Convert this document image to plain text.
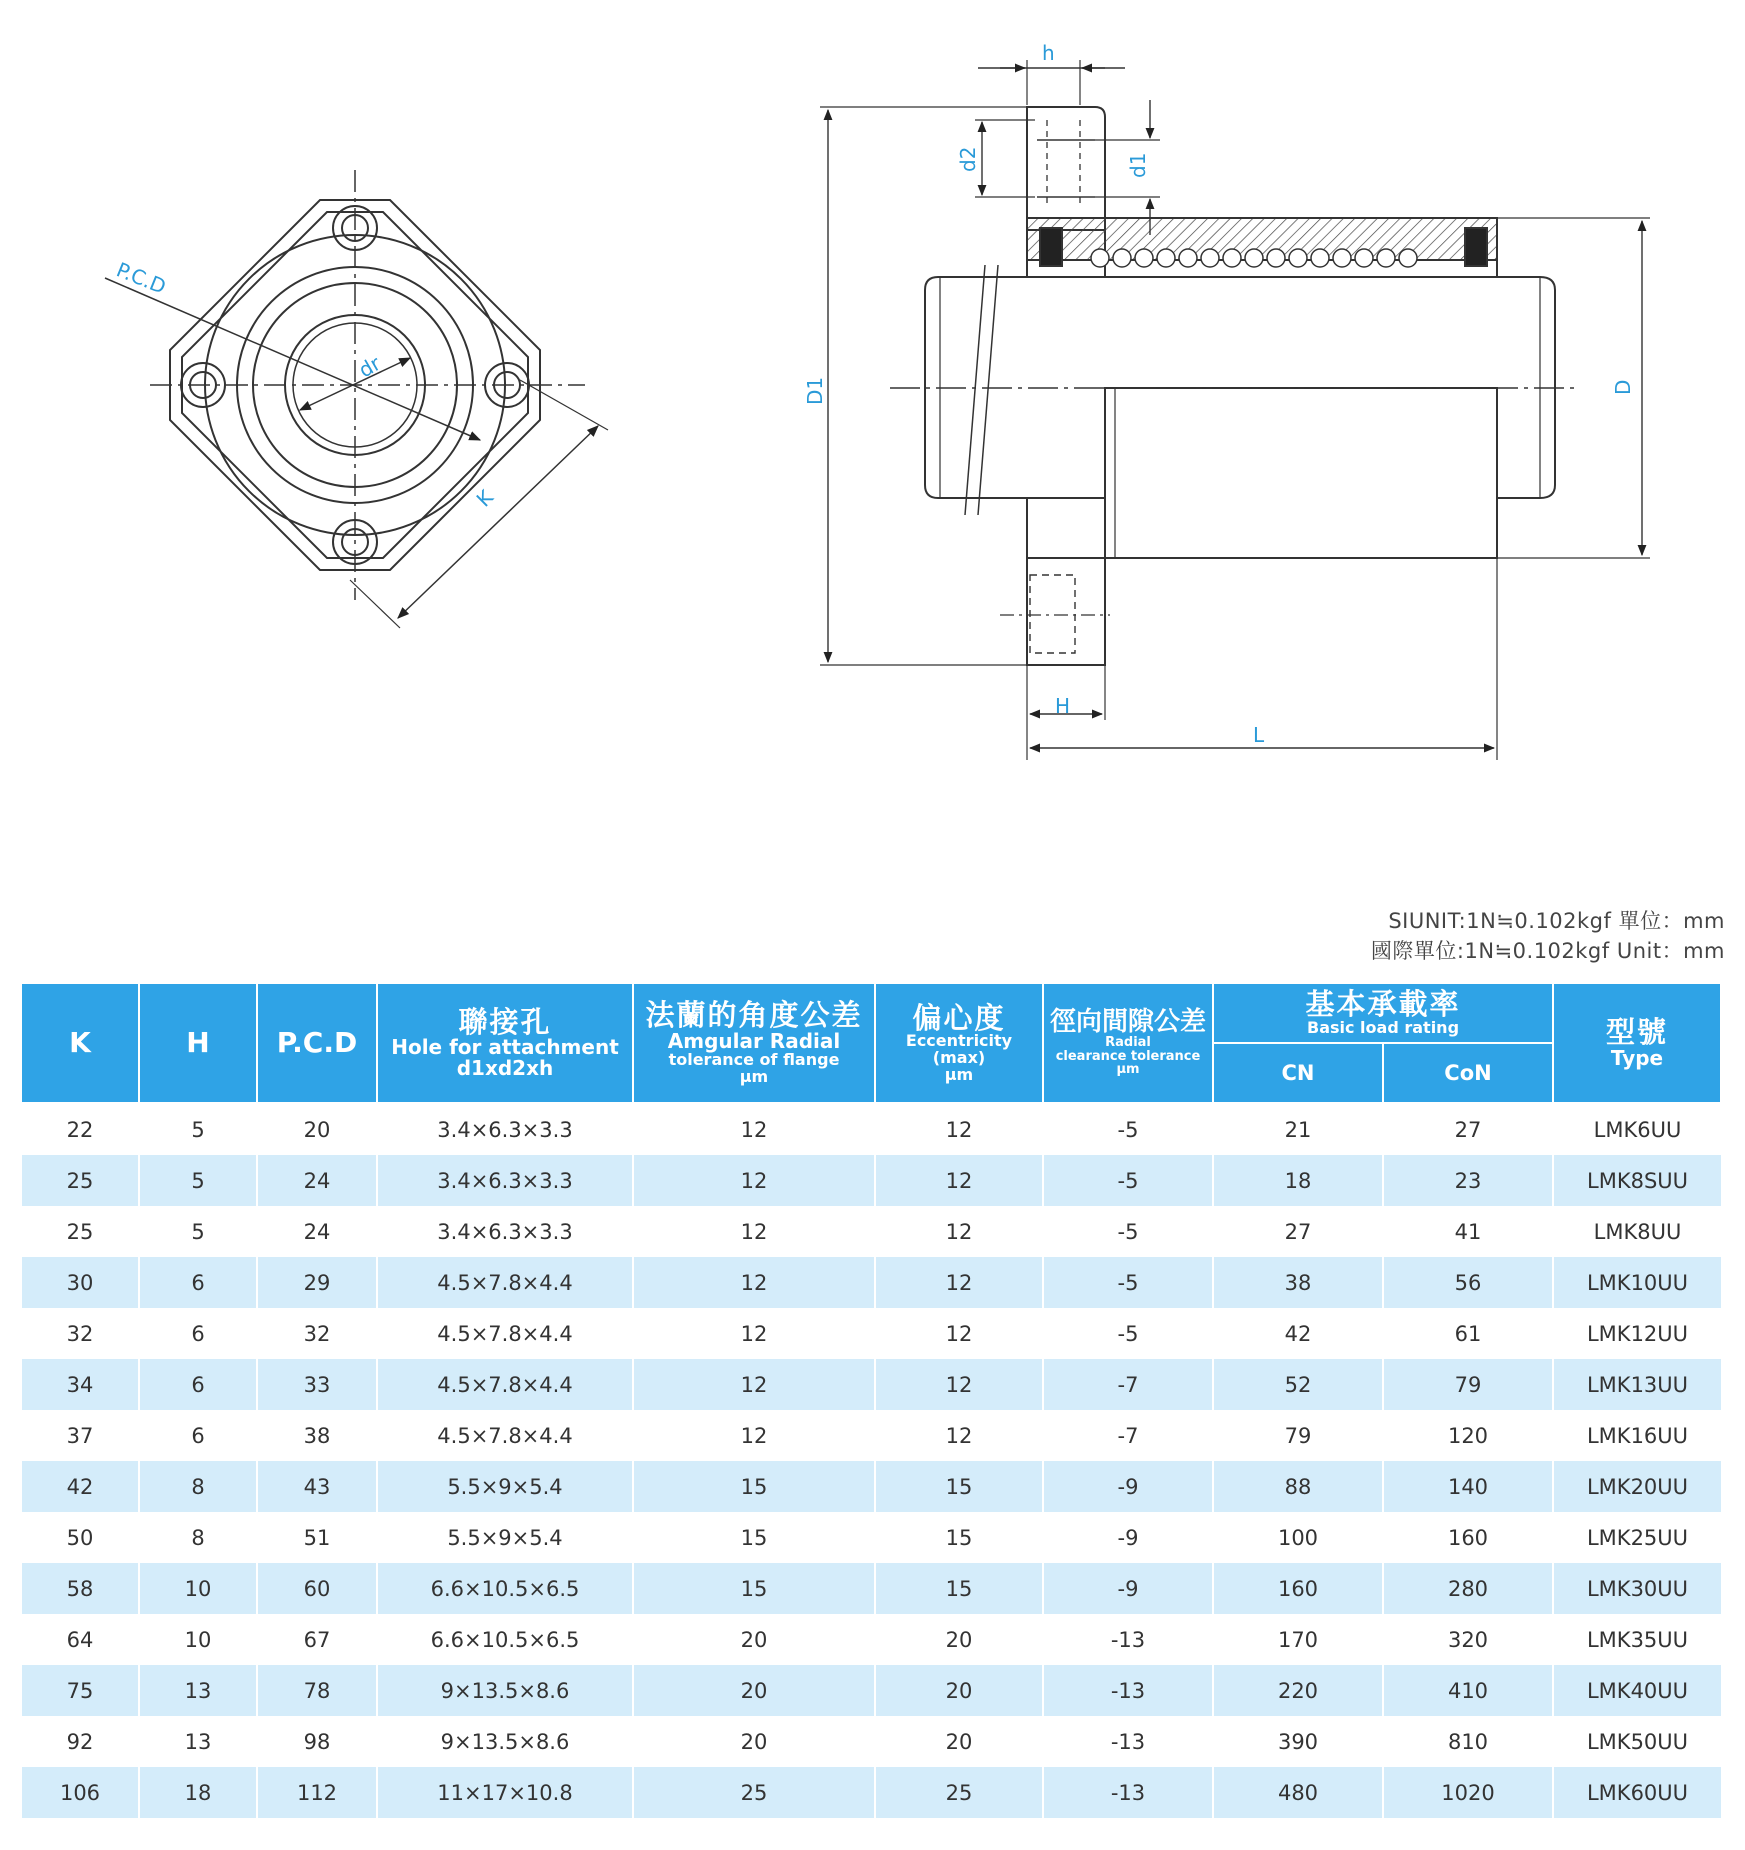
P.C.D
dr
K
h
d2	d1
D1	D
H
L
SIUNIT:1N≒0.102kgf 單位：mm
國際單位:1N≒0.102kgf Unit：mm
K	H	P.C.D	聯接孔
Hole for attachment
d1xd2xh	法蘭的角度公差
Amgular Radial
tolerance of flange
μm	偏心度
Eccentricity
(max)
μm	徑向間隙公差
Radial
clearance tolerance
μm	基本承載率
Basic load rating		型號
Type

							CN	CoN	
22	5	20	3.4×6.3×3.3	12	12	-5	21	27	LMK6UU
25	5	24	3.4×6.3×3.3	12	12	-5	18	23	LMK8SUU
25	5	24	3.4×6.3×3.3	12	12	-5	27	41	LMK8UU
30	6	29	4.5×7.8×4.4	12	12	-5	38	56	LMK10UU
32	6	32	4.5×7.8×4.4	12	12	-5	42	61	LMK12UU
34	6	33	4.5×7.8×4.4	12	12	-7	52	79	LMK13UU
37	6	38	4.5×7.8×4.4	12	12	-7	79	120	LMK16UU
42	8	43	5.5×9×5.4	15	15	-9	88	140	LMK20UU
50	8	51	5.5×9×5.4	15	15	-9	100	160	LMK25UU
58	10	60	6.6×10.5×6.5	15	15	-9	160	280	LMK30UU
64	10	67	6.6×10.5×6.5	20	20	-13	170	320	LMK35UU
75	13	78	9×13.5×8.6	20	20	-13	220	410	LMK40UU
92	13	98	9×13.5×8.6	20	20	-13	390	810	LMK50UU
106	18	112	11×17×10.8	25	25	-13	480	1020	LMK60UU
